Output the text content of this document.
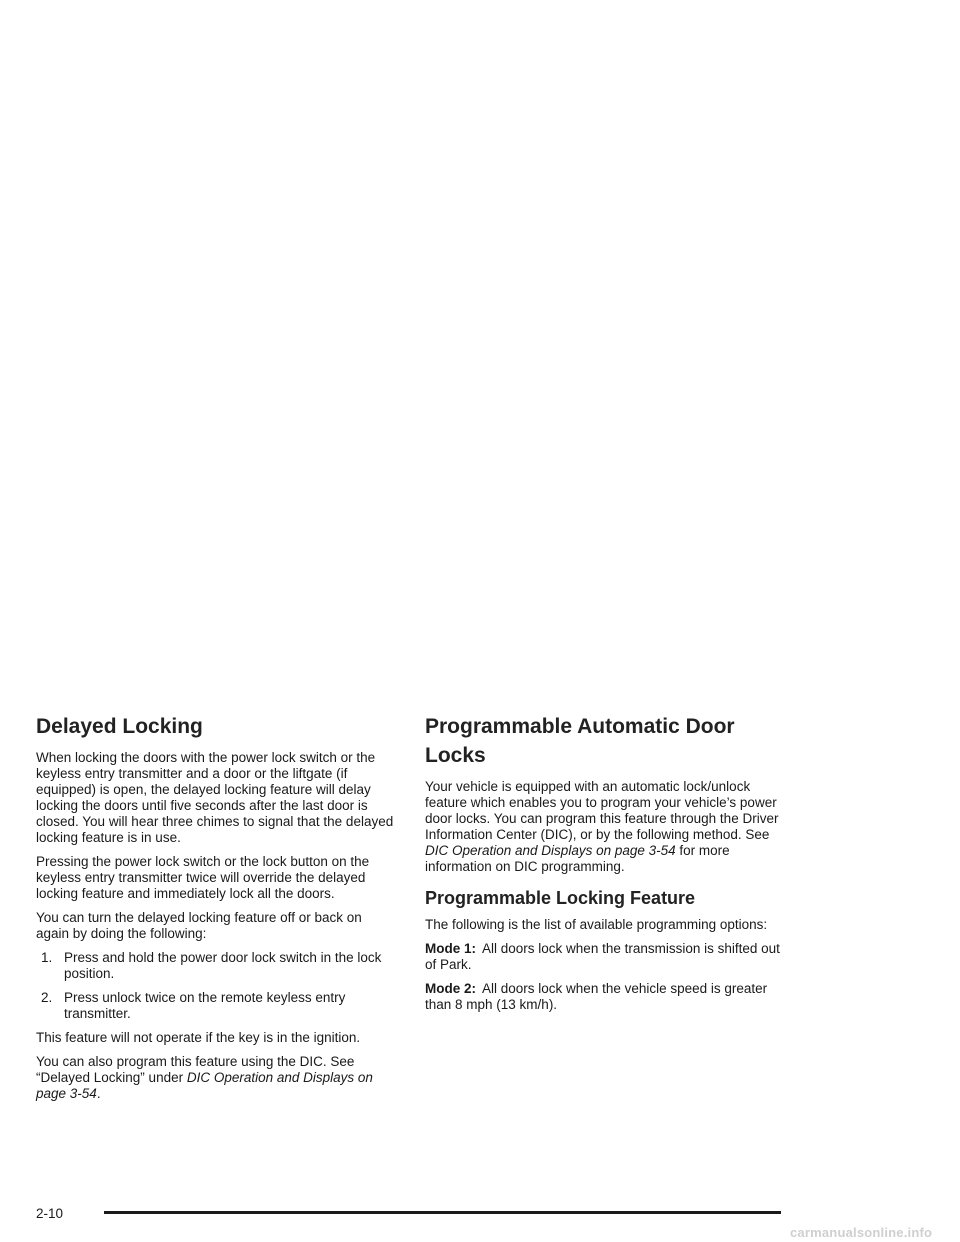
Delayed Locking

When locking the doors with the power lock switch or the keyless entry transmitter and a door or the liftgate (if equipped) is open, the delayed locking feature will delay locking the doors until five seconds after the last door is closed. You will hear three chimes to signal that the delayed locking feature is in use.

Pressing the power lock switch or the lock button on the keyless entry transmitter twice will override the delayed locking feature and immediately lock all the doors.

You can turn the delayed locking feature off or back on again by doing the following:

1. Press and hold the power door lock switch in the lock position.
2. Press unlock twice on the remote keyless entry transmitter.

This feature will not operate if the key is in the ignition.

You can also program this feature using the DIC. See “Delayed Locking” under DIC Operation and Displays on page 3-54.

Programmable Automatic Door Locks

Your vehicle is equipped with an automatic lock/unlock feature which enables you to program your vehicle’s power door locks. You can program this feature through the Driver Information Center (DIC), or by the following method. See DIC Operation and Displays on page 3-54 for more information on DIC programming.

Programmable Locking Feature

The following is the list of available programming options:

Mode 1: All doors lock when the transmission is shifted out of Park.

Mode 2: All doors lock when the vehicle speed is greater than 8 mph (13 km/h).

2-10
carmanualsonline.info
